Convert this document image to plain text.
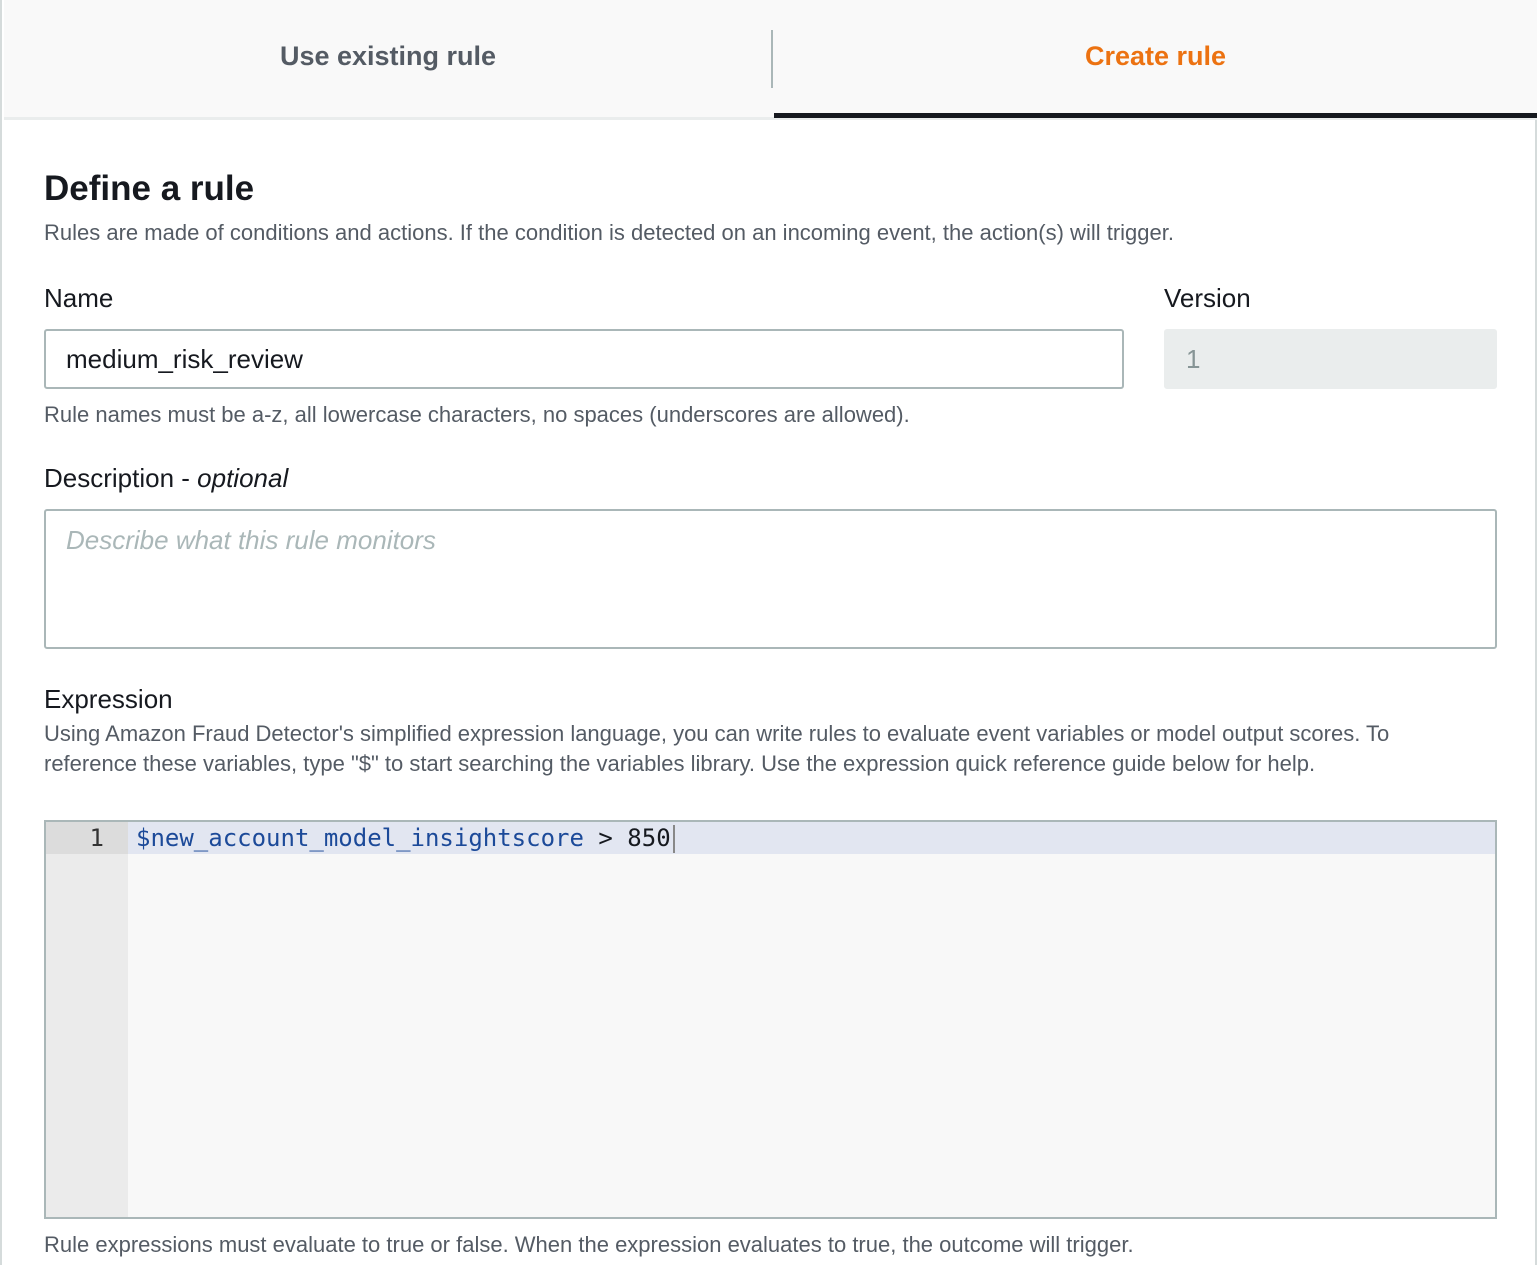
Use existing rule	Create rule
Define a rule
Rules are made of conditions and actions. If the condition is detected on an incoming event, the action(s) will trigger.
Name	Version
medium_risk_review	1
Rule names must be a-z, all lowercase characters, no spaces (underscores are allowed).
Description - optional
Describe what this rule monitors
Expression
Using Amazon Fraud Detector's simplified expression language, you can write rules to evaluate event variables or model output scores. To reference these variables, type "$" to start searching the variables library. Use the expression quick reference guide below for help.
1 $new_account_model_insightscore > 850
Rule expressions must evaluate to true or false. When the expression evaluates to true, the outcome will trigger.
